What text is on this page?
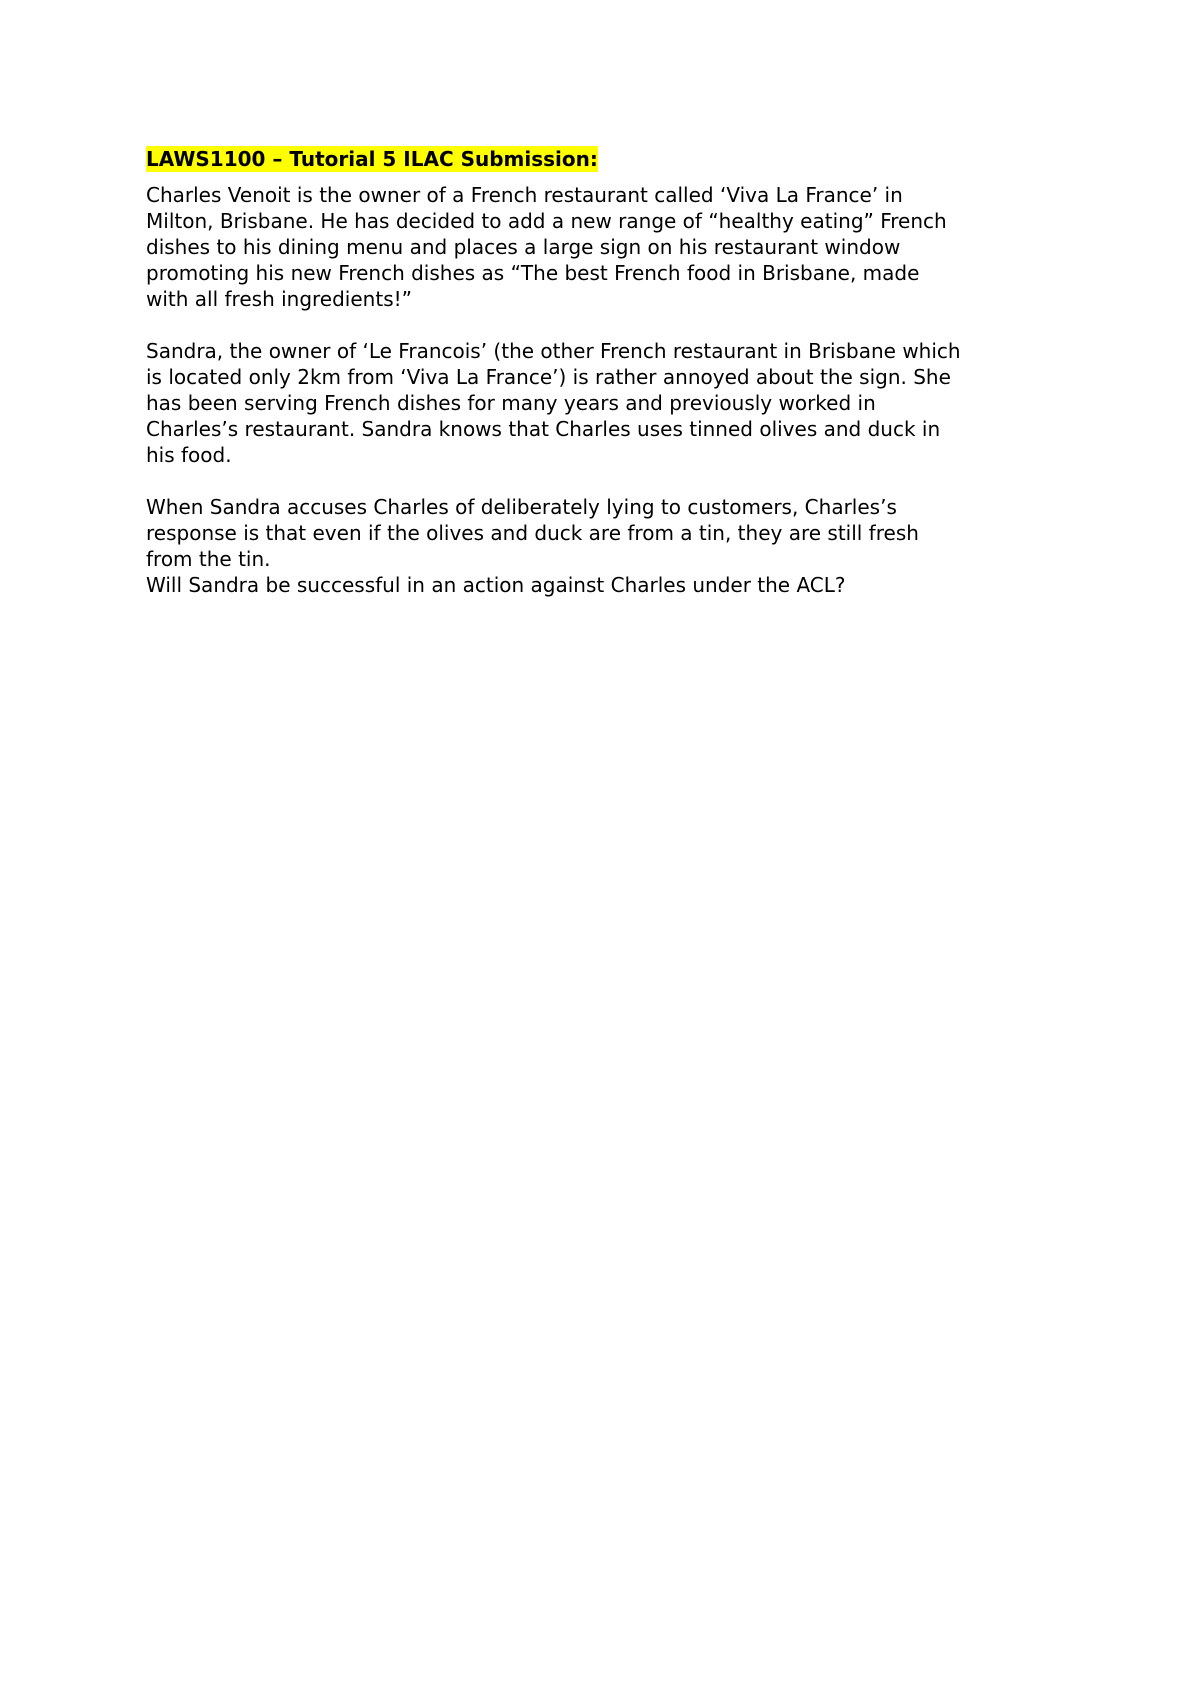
LAWS1100 – Tutorial 5 ILAC Submission:

Charles Venoit is the owner of a French restaurant called ‘Viva La France’ in
Milton, Brisbane. He has decided to add a new range of “healthy eating” French
dishes to his dining menu and places a large sign on his restaurant window
promoting his new French dishes as “The best French food in Brisbane, made
with all fresh ingredients!”

Sandra, the owner of ‘Le Francois’ (the other French restaurant in Brisbane which
is located only 2km from ‘Viva La France’) is rather annoyed about the sign. She
has been serving French dishes for many years and previously worked in
Charles’s restaurant. Sandra knows that Charles uses tinned olives and duck in
his food.

When Sandra accuses Charles of deliberately lying to customers, Charles’s
response is that even if the olives and duck are from a tin, they are still fresh
from the tin.

Will Sandra be successful in an action against Charles under the ACL?
